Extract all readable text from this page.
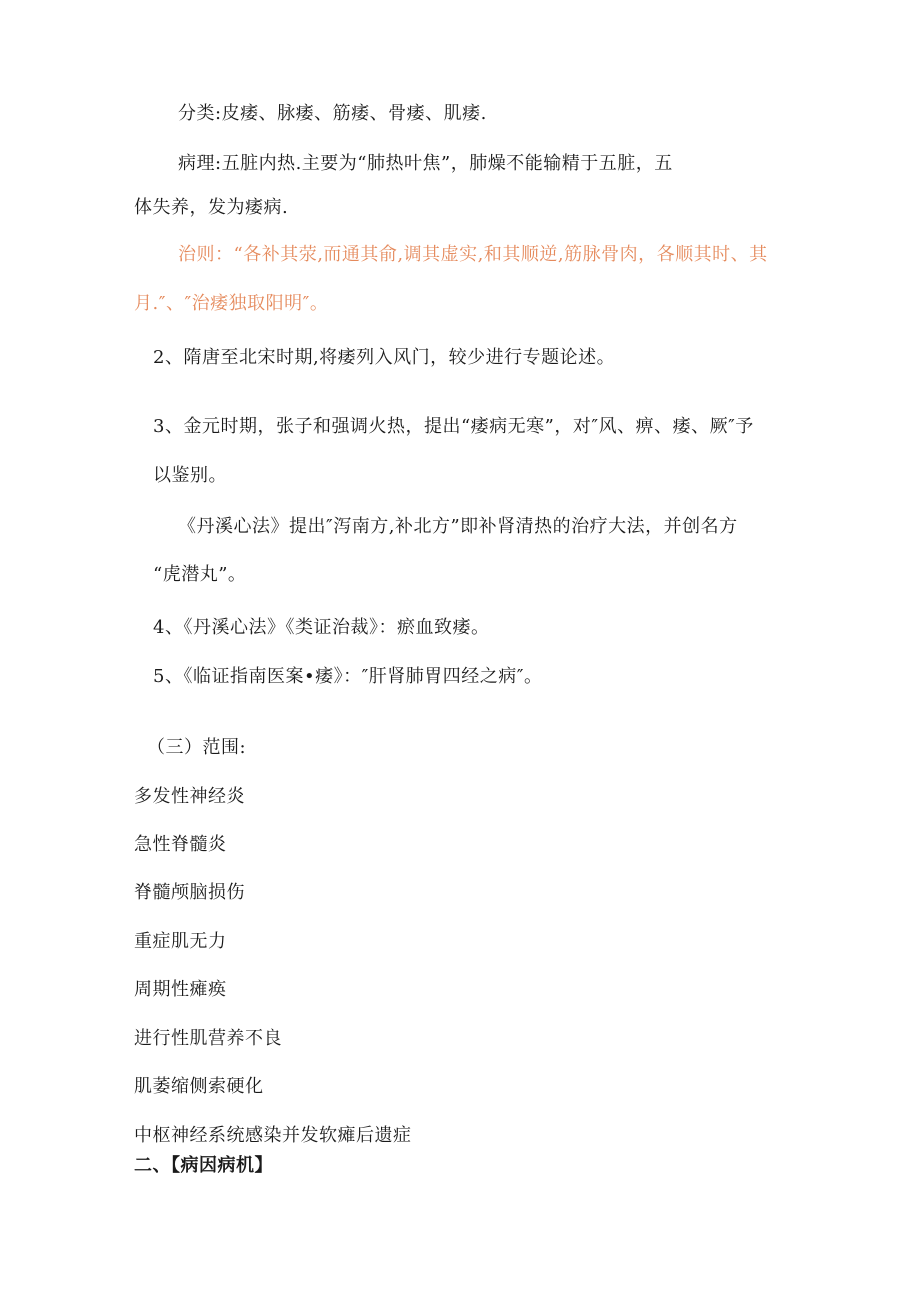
分类:皮痿、脉痿、筋痿、骨痿、肌痿.
病理:五脏内热.主要为“肺热叶焦”，肺燥不能输精于五脏，五
体失养，发为痿病.
治则：“各补其荥,而通其俞,调其虚实,和其顺逆,筋脉骨肉，各顺其时、其
月.″、″治痿独取阳明″。
2、隋唐至北宋时期,将痿列入风门，较少进行专题论述。
3、金元时期，张子和强调火热，提出“痿病无寒”，对″风、痹、痿、厥″予
以鉴别。
《丹溪心法》提出″泻南方,补北方”即补肾清热的治疗大法，并创名方
“虎潜丸”。
4、《丹溪心法》《类证治裁》：瘀血致痿。
5、《临证指南医案•痿》：″肝肾肺胃四经之病″。
（三）范围:
多发性神经炎
急性脊髓炎
脊髓颅脑损伤
重症肌无力
周期性瘫痪
进行性肌营养不良
肌萎缩侧索硬化
中枢神经系统感染并发软瘫后遗症
二、【病因病机】
